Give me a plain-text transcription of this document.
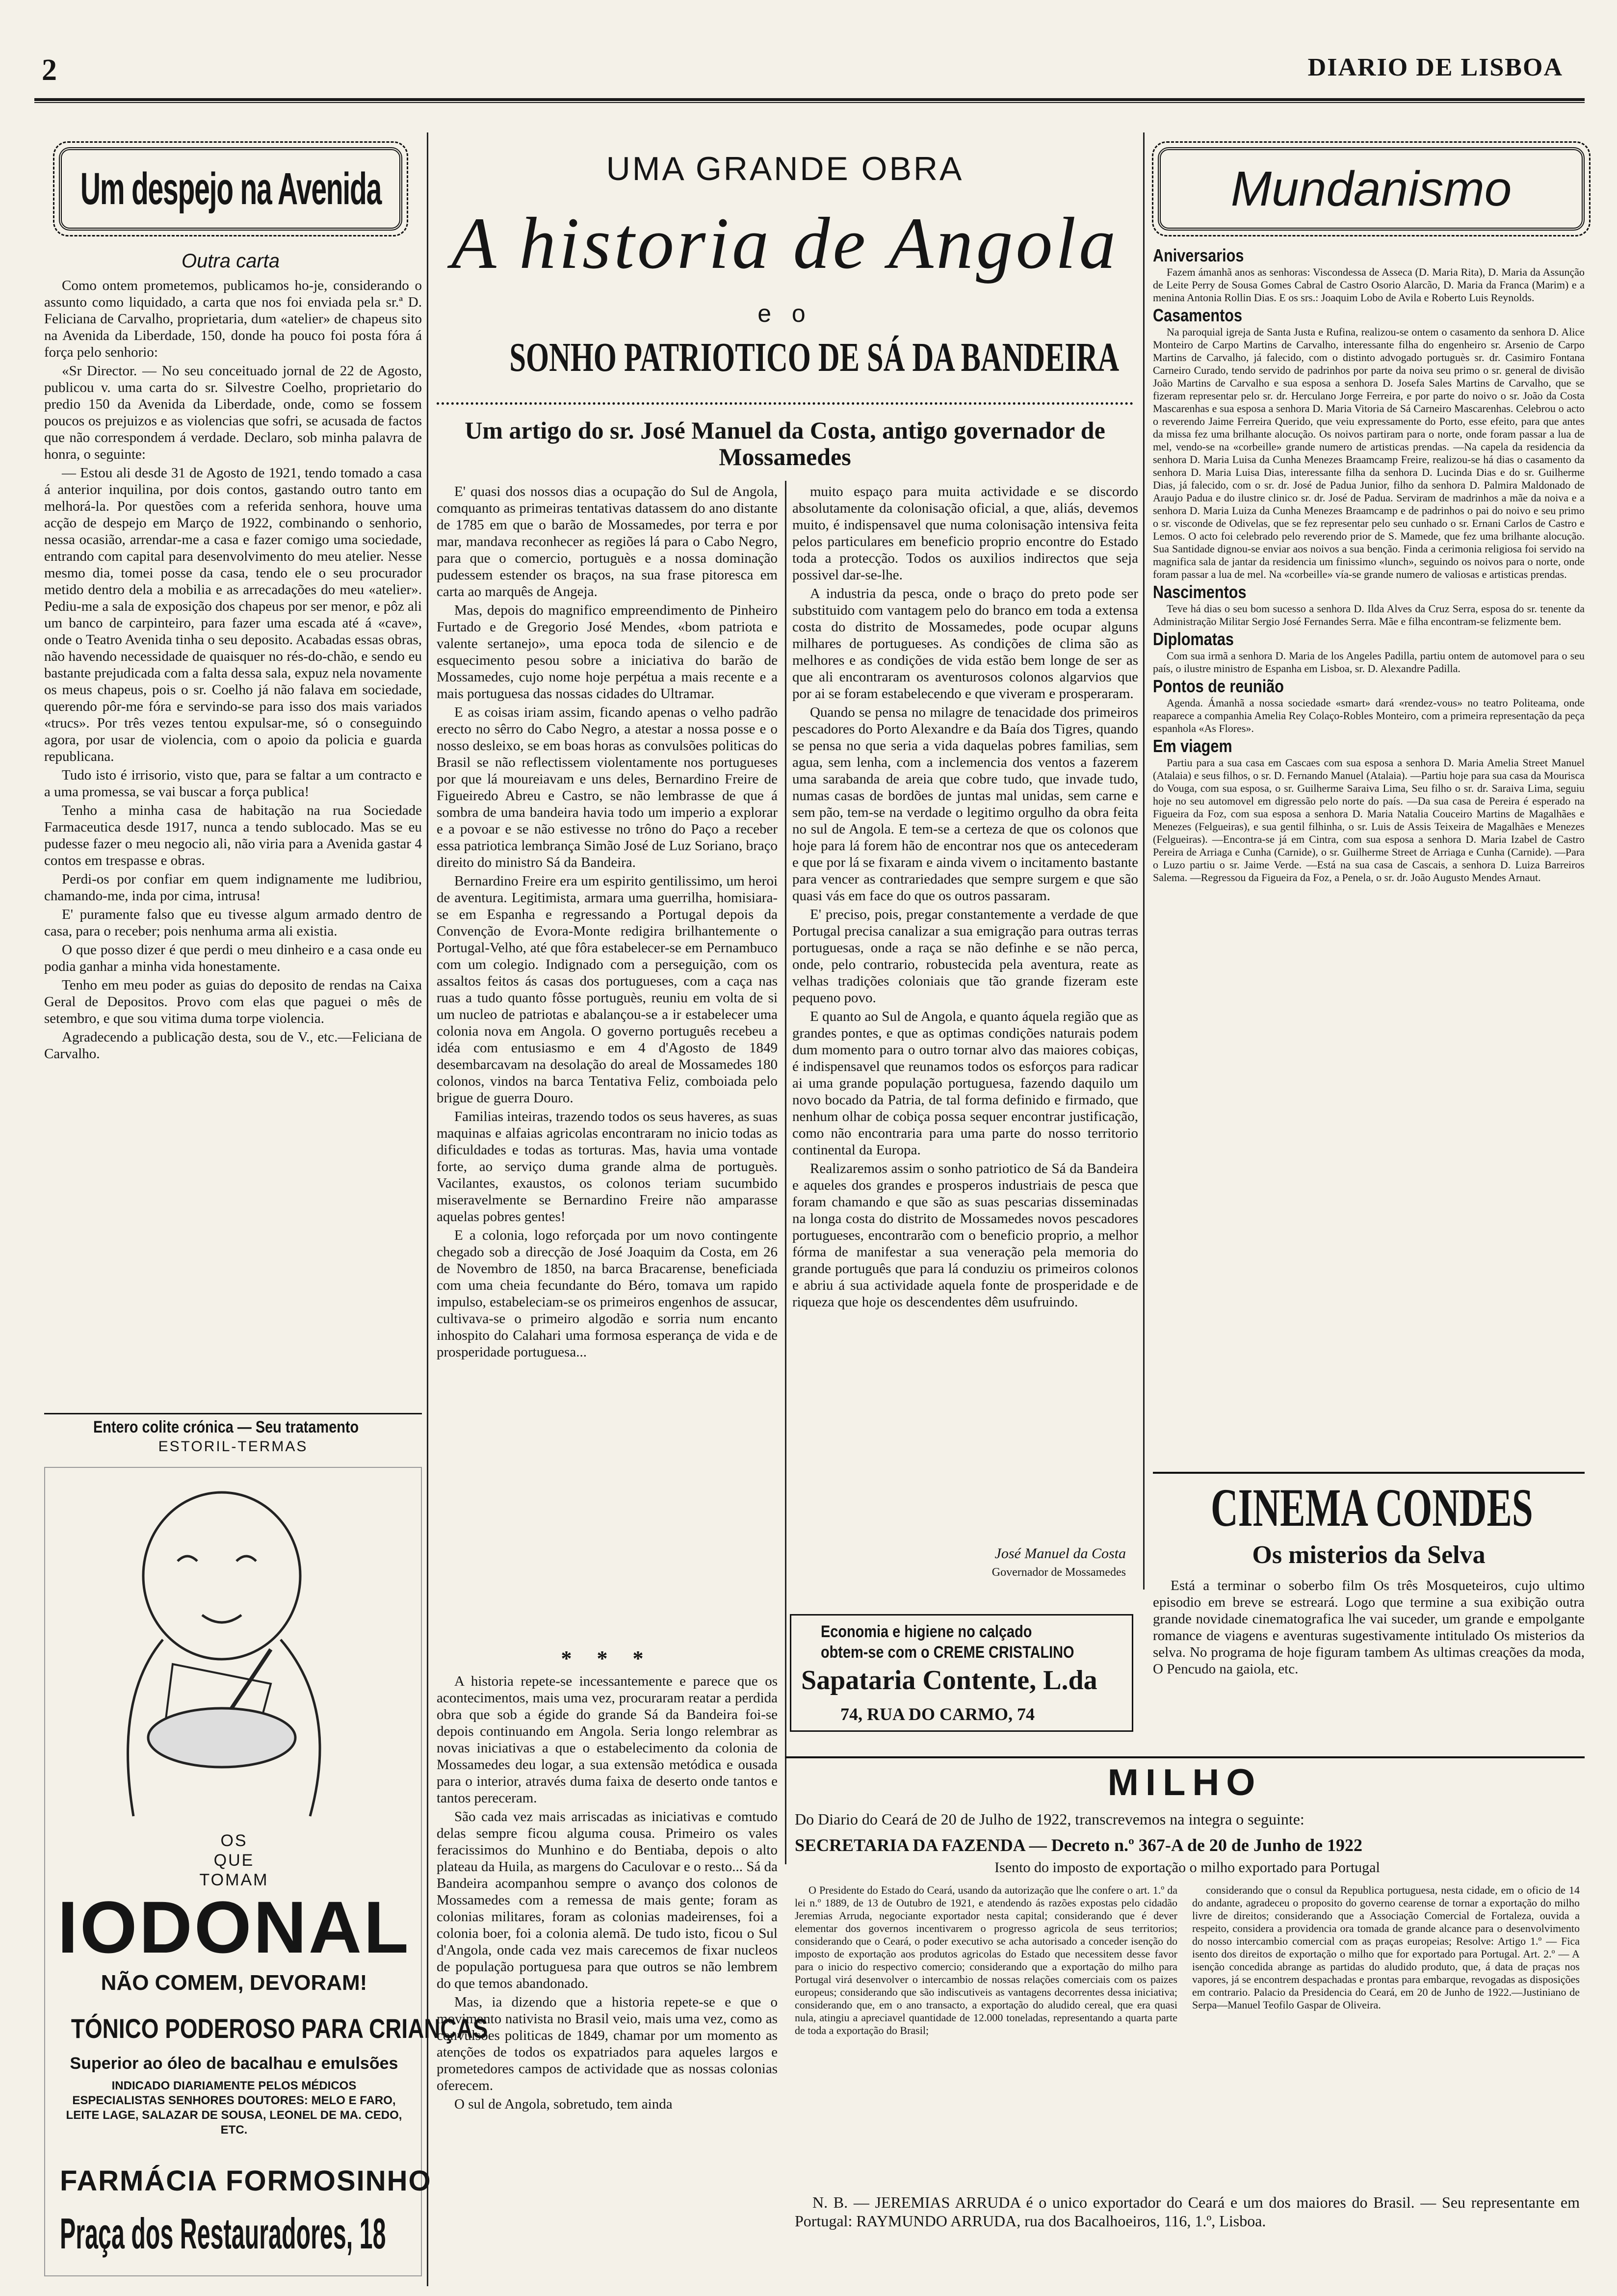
2	DIARIO DE LISBOA
Um despejo na Avenida
Outra carta

Como ontem prometemos, publicamos ho-je, considerando o assunto como liquidado, a carta que nos foi enviada pela sr.ª D. Feliciana de Carvalho, proprietaria, dum «atelier» de chapeus sito na Avenida da Liberdade, 150, donde ha pouco foi posta fóra á força pelo senhorio:

«Sr Director. — No seu conceituado jornal de 22 de Agosto, publicou v. uma carta do sr. Silvestre Coelho, proprietario do predio 150 da Avenida da Liberdade, onde, como se fossem poucos os prejuizos e as violencias que sofri, se acusada de factos que não correspondem á verdade. Declaro, sob minha palavra de honra, o seguinte:

— Estou ali desde 31 de Agosto de 1921, tendo tomado a casa á anterior inquilina, por dois contos, gastando outro tanto em melhorá-la. Por questões com a referida senhora, houve uma acção de despejo em Março de 1922, combinando o senhorio, nessa ocasião, arrendar-me a casa e fazer comigo uma sociedade, entrando com capital para desenvolvimento do meu atelier. Nesse mesmo dia, tomei posse da casa, tendo ele o seu procurador metido dentro dela a mobilia e as arrecadações do meu «atelier». Pediu-me a sala de exposição dos chapeus por ser menor, e pôz ali um banco de carpinteiro, para fazer uma escada até á «cave», onde o Teatro Avenida tinha o seu deposito. Acabadas essas obras, não havendo necessidade de quaisquer no rés-do-chão, e sendo eu bastante prejudicada com a falta dessa sala, expuz nela novamente os meus chapeus, pois o sr. Coelho já não falava em sociedade, querendo pôr-me fóra e servindo-se para isso dos mais variados «trucs». Por três vezes tentou expulsar-me, só o conseguindo agora, por usar de violencia, com o apoio da policia e guarda republicana.

Tudo isto é irrisorio, visto que, para se faltar a um contracto e a uma promessa, se vai buscar a força publica!

Tenho a minha casa de habitação na rua Sociedade Farmaceutica desde 1917, nunca a tendo sublocado. Mas se eu pudesse fazer o meu negocio ali, não viria para a Avenida gastar 4 contos em trespasse e obras.

Perdi-os por confiar em quem indignamente me ludibriou, chamando-me, inda por cima, intrusa!

E' puramente falso que eu tivesse algum armado dentro de casa, para o receber; pois nenhuma arma ali existia.

O que posso dizer é que perdi o meu dinheiro e a casa onde eu podia ganhar a minha vida honestamente.

Tenho em meu poder as guias do deposito de rendas na Caixa Geral de Depositos. Provo com elas que paguei o mês de setembro, e que sou vitima duma torpe violencia.

Agradecendo a publicação desta, sou de V., etc.—Feliciana de Carvalho.

Entero colite crónica — Seu tratamento
ESTORIL-TERMAS
OS
QUE
TOMAM
IODONAL
NÃO COMEM, DEVORAM!
TÓNICO PODEROSO PARA CRIANÇAS
Superior ao óleo de bacalhau e emulsões
INDICADO DIARIAMENTE PELOS MÉDICOS ESPECIALISTAS SENHORES DOUTORES: MELO E FARO, LEITE LAGE, SALAZAR DE SOUSA, LEONEL DE MA. CEDO, ETC.
FARMÁCIA FORMOSINHO
Praça dos Restauradores, 18
UMA GRANDE OBRA
A historia de Angola
e o
SONHO PATRIOTICO DE SÁ DA BANDEIRA
Um artigo do sr. José Manuel da Costa, antigo governador de Mossamedes

E' quasi dos nossos dias a ocupação do Sul de Angola, comquanto as primeiras tentativas datassem do ano distante de 1785 em que o barão de Mossamedes, por terra e por mar, mandava reconhecer as regiões lá para o Cabo Negro, para que o comercio, portuguès e a nossa dominação pudessem estender os braços, na sua frase pitoresca em carta ao marquês de Angeja.

Mas, depois do magnifico empreendimento de Pinheiro Furtado e de Gregorio José Mendes, «bom patriota e valente sertanejo», uma epoca toda de silencio e de esquecimento pesou sobre a iniciativa do barão de Mossamedes, cujo nome hoje perpétua a mais recente e a mais portuguesa das nossas cidades do Ultramar.

E as coisas iriam assim, ficando apenas o velho padrão erecto no sêrro do Cabo Negro, a atestar a nossa posse e o nosso desleixo, se em boas horas as convulsões politicas do Brasil se não reflectissem violentamente nos portugueses por que lá moureiavam e uns deles, Bernardino Freire de Figueiredo Abreu e Castro, se não lembrasse de que á sombra de uma bandeira havia todo um imperio a explorar e a povoar e se não estivesse no trôno do Paço a receber essa patriotica lembrança Simão José de Luz Soriano, braço direito do ministro Sá da Bandeira.

Bernardino Freire era um espirito gentilissimo, um heroi de aventura. Legitimista, armara uma guerrilha, homisiara-se em Espanha e regressando a Portugal depois da Convenção de Evora-Monte redigira brilhantemente o Portugal-Velho, até que fôra estabelecer-se em Pernambuco com um colegio. Indignado com a perseguição, com os assaltos feitos ás casas dos portugueses, com a caça nas ruas a tudo quanto fôsse portuguès, reuniu em volta de si um nucleo de patriotas e abalançou-se a ir estabelecer uma colonia nova em Angola. O governo português recebeu a idéa com entusiasmo e em 4 d'Agosto de 1849 desembarcavam na desolação do areal de Mossamedes 180 colonos, vindos na barca Tentativa Feliz, comboiada pelo brigue de guerra Douro.

Familias inteiras, trazendo todos os seus haveres, as suas maquinas e alfaias agricolas encontraram no inicio todas as dificuldades e todas as torturas. Mas, havia uma vontade forte, ao serviço duma grande alma de portuguès. Vacilantes, exaustos, os colonos teriam sucumbido miseravelmente se Bernardino Freire não amparasse aquelas pobres gentes!

E a colonia, logo reforçada por um novo contingente chegado sob a direcção de José Joaquim da Costa, em 26 de Novembro de 1850, na barca Bracarense, beneficiada com uma cheia fecundante do Béro, tomava um rapido impulso, estabeleciam-se os primeiros engenhos de assucar, cultivava-se o primeiro algodão e sorria num encanto inhospito do Calahari uma formosa esperança de vida e de prosperidade portuguesa...

* * *

A historia repete-se incessantemente e parece que os acontecimentos, mais uma vez, procuraram reatar a perdida obra que sob a égide do grande Sá da Bandeira foi-se depois continuando em Angola. Seria longo relembrar as novas iniciativas a que o estabelecimento da colonia de Mossamedes deu logar, a sua extensão metódica e ousada para o interior, através duma faixa de deserto onde tantos e tantos pereceram.

São cada vez mais arriscadas as iniciativas e comtudo delas sempre ficou alguma cousa. Primeiro os vales feracissimos do Munhino e do Bentiaba, depois o alto plateau da Huila, as margens do Caculovar e o resto... Sá da Bandeira acompanhou sempre o avanço dos colonos de Mossamedes com a remessa de mais gente; foram as colonias militares, foram as colonias madeirenses, foi a colonia boer, foi a colonia alemã. De tudo isto, ficou o Sul d'Angola, onde cada vez mais carecemos de fixar nucleos de população portuguesa para que outros se não lembrem do que temos abandonado.

Mas, ia dizendo que a historia repete-se e que o movimento nativista no Brasil veio, mais uma vez, como as convulsões politicas de 1849, chamar por um momento as atenções de todos os expatriados para aqueles largos e prometedores campos de actividade que as nossas colonias oferecem.

O sul de Angola, sobretudo, tem ainda

muito espaço para muita actividade e se discordo absolutamente da colonisação oficial, a que, aliás, devemos muito, é indispensavel que numa colonisação intensiva feita pelos particulares em beneficio proprio encontre do Estado toda a protecção. Todos os auxilios indirectos que seja possivel dar-se-lhe.

A industria da pesca, onde o braço do preto pode ser substituido com vantagem pelo do branco em toda a extensa costa do distrito de Mossamedes, pode ocupar alguns milhares de portugueses. As condições de clima são as melhores e as condições de vida estão bem longe de ser as que ali encontraram os aventurosos colonos algarvios que por ai se foram estabelecendo e que viveram e prosperaram.

Quando se pensa no milagre de tenacidade dos primeiros pescadores do Porto Alexandre e da Baía dos Tigres, quando se pensa no que seria a vida daquelas pobres familias, sem agua, sem lenha, com a inclemencia dos ventos a fazerem uma sarabanda de areia que cobre tudo, que invade tudo, numas casas de bordões de juntas mal unidas, sem carne e sem pão, tem-se na verdade o legitimo orgulho da obra feita no sul de Angola. E tem-se a certeza de que os colonos que hoje para lá forem hão de encontrar nos que os antecederam e que por lá se fixaram e ainda vivem o incitamento bastante para vencer as contrariedades que sempre surgem e que são quasi vás em face do que os outros passaram.

E' preciso, pois, pregar constantemente a verdade de que Portugal precisa canalizar a sua emigração para outras terras portuguesas, onde a raça se não definhe e se não perca, onde, pelo contrario, robustecida pela aventura, reate as velhas tradições coloniais que tão grande fizeram este pequeno povo.

E quanto ao Sul de Angola, e quanto áquela região que as grandes pontes, e que as optimas condições naturais podem dum momento para o outro tornar alvo das maiores cobiças, é indispensavel que reunamos todos os esforços para radicar ai uma grande população portuguesa, fazendo daquilo um novo bocado da Patria, de tal forma definido e firmado, que nenhum olhar de cobiça possa sequer encontrar justificação, como não encontraria para uma parte do nosso territorio continental da Europa.

Realizaremos assim o sonho patriotico de Sá da Bandeira e aqueles dos grandes e prosperos industriais de pesca que foram chamando e que são as suas pescarias disseminadas na longa costa do distrito de Mossamedes novos pescadores portugueses, encontrarão com o beneficio proprio, a melhor fórma de manifestar a sua veneração pela memoria do grande português que para lá conduziu os primeiros colonos e abriu á sua actividade aquela fonte de prosperidade e de riqueza que hoje os descendentes dêm usufruindo.

José Manuel da Costa
Governador de Mossamedes
Economia e higiene no calçado
obtem-se com o CREME CRISTALINO
Sapataria Contente, L.da
74, RUA DO CARMO, 74
Mundanismo
Aniversarios

Fazem ámanhã anos as senhoras: Viscondessa de Asseca (D. Maria Rita), D. Maria da Assunção de Leite Perry de Sousa Gomes Cabral de Castro Osorio Alarcão, D. Maria da Franca (Marim) e a menina Antonia Rollin Dias. E os srs.: Joaquim Lobo de Avila e Roberto Luis Reynolds.

Casamentos

Na paroquial igreja de Santa Justa e Rufina, realizou-se ontem o casamento da senhora D. Alice Monteiro de Carpo Martins de Carvalho, interessante filha do engenheiro sr. Arsenio de Carpo Martins de Carvalho, já falecido, com o distinto advogado portuguès sr. dr. Casimiro Fontana Carneiro Curado, tendo servido de padrinhos por parte da noiva seu primo o sr. general de divisão João Martins de Carvalho e sua esposa a senhora D. Josefa Sales Martins de Carvalho, que se fizeram representar pelo sr. dr. Herculano Jorge Ferreira, e por parte do noivo o sr. João da Costa Mascarenhas e sua esposa a senhora D. Maria Vitoria de Sá Carneiro Mascarenhas. Celebrou o acto o reverendo Jaime Ferreira Querido, que veiu expressamente do Porto, esse efeito, para que antes da missa fez uma brilhante alocução. Os noivos partiram para o norte, onde foram passar a lua de mel, vendo-se na «corbeille» grande numero de artisticas prendas. —Na capela da residencia da senhora D. Maria Luisa da Cunha Menezes Braamcamp Freire, realizou-se há dias o casamento da senhora D. Maria Luisa Dias, interessante filha da senhora D. Lucinda Dias e do sr. Guilherme Dias, já falecido, com o sr. dr. José de Padua Junior, filho da senhora D. Palmira Maldonado de Araujo Padua e do ilustre clinico sr. dr. José de Padua. Serviram de madrinhos a mãe da noiva e a senhora D. Maria Luiza da Cunha Menezes Braamcamp e de padrinhos o pai do noivo e seu primo o sr. visconde de Odivelas, que se fez representar pelo seu cunhado o sr. Ernani Carlos de Castro e Lemos. O acto foi celebrado pelo reverendo prior de S. Mamede, que fez uma brilhante alocução. Sua Santidade dignou-se enviar aos noivos a sua benção. Finda a cerimonia religiosa foi servido na magnifica sala de jantar da residencia um finissimo «lunch», seguindo os noivos para o norte, onde foram passar a lua de mel. Na «corbeille» vía-se grande numero de valiosas e artisticas prendas.

Nascimentos

Teve há dias o seu bom sucesso a senhora D. Ilda Alves da Cruz Serra, esposa do sr. tenente da Administração Militar Sergio José Fernandes Serra. Mãe e filha encontram-se felizmente bem.

Diplomatas

Com sua irmã a senhora D. Maria de los Angeles Padilla, partiu ontem de automovel para o seu país, o ilustre ministro de Espanha em Lisboa, sr. D. Alexandre Padilla.

Pontos de reunião

Agenda. Ámanhã a nossa sociedade «smart» dará «rendez-vous» no teatro Politeama, onde reaparece a companhia Amelia Rey Colaço-Robles Monteiro, com a primeira representação da peça espanhola «As Flores».

Em viagem

Partiu para a sua casa em Cascaes com sua esposa a senhora D. Maria Amelia Street Manuel (Atalaia) e seus filhos, o sr. D. Fernando Manuel (Atalaia). —Partiu hoje para sua casa da Mourisca do Vouga, com sua esposa, o sr. Guilherme Saraiva Lima, Seu filho o sr. dr. Saraiva Lima, seguiu hoje no seu automovel em digressão pelo norte do país. —Da sua casa de Pereira é esperado na Figueira da Foz, com sua esposa a senhora D. Maria Natalia Couceiro Martins de Magalhães e Menezes (Felgueiras), e sua gentil filhinha, o sr. Luis de Assis Teixeira de Magalhães e Menezes (Felgueiras). —Encontra-se já em Cintra, com sua esposa a senhora D. Maria Izabel de Castro Pereira de Arriaga e Cunha (Carnide), o sr. Guilherme Street de Arriaga e Cunha (Carnide). —Para o Luzo partiu o sr. Jaime Verde. —Está na sua casa de Cascais, a senhora D. Luiza Barreiros Salema. —Regressou da Figueira da Foz, a Penela, o sr. dr. João Augusto Mendes Arnaut.

CINEMA CONDES
Os misterios da Selva

Está a terminar o soberbo film Os três Mosqueteiros, cujo ultimo episodio em breve se estreará. Logo que termine a sua exibição outra grande novidade cinematografica lhe vai suceder, um grande e empolgante romance de viagens e aventuras sugestivamente intitulado Os misterios da selva. No programa de hoje figuram tambem As ultimas creações da moda, O Pencudo na gaiola, etc.

MILHO
Do Diario do Ceará de 20 de Julho de 1922, transcrevemos na integra o seguinte:
SECRETARIA DA FAZENDA — Decreto n.º 367-A de 20 de Junho de 1922
Isento do imposto de exportação o milho exportado para Portugal

O Presidente do Estado do Ceará, usando da autorização que lhe confere o art. 1.º da lei n.º 1889, de 13 de Outubro de 1921, e atendendo ás razões expostas pelo cidadão Jeremias Arruda, negociante exportador nesta capital; considerando que é dever elementar dos governos incentivarem o progresso agricola de seus territorios; considerando que o Ceará, o poder executivo se acha autorisado a conceder isenção do imposto de exportação aos produtos agricolas do Estado que necessitem desse favor para o inicio do respectivo comercio; considerando que a exportação do milho para Portugal virá desenvolver o intercambio de nossas relações comerciais com os paizes europeus; considerando que são indiscutiveis as vantagens decorrentes dessa iniciativa; considerando que, em o ano transacto, a exportação do aludido cereal, que era quasi nula, atingiu a apreciavel quantidade de 12.000 toneladas, representando a quarta parte de toda a exportação do Brasil;

considerando que o consul da Republica portuguesa, nesta cidade, em o oficio de 14 do andante, agradeceu o proposito do governo cearense de tornar a exportação do milho livre de direitos; considerando que a Associação Comercial de Fortaleza, ouvida a respeito, considera a providencia ora tomada de grande alcance para o desenvolvimento do nosso intercambio comercial com as praças europeias; Resolve: Artigo 1.º — Fica isento dos direitos de exportação o milho que for exportado para Portugal. Art. 2.º — A isenção concedida abrange as partidas do aludido produto, que, á data de praças nos vapores, já se encontrem despachadas e prontas para embarque, revogadas as disposições em contrario. Palacio da Presidencia do Ceará, em 20 de Junho de 1922.—Justiniano de Serpa—Manuel Teofilo Gaspar de Oliveira.

N. B. — JEREMIAS ARRUDA é o unico exportador do Ceará e um dos maiores do Brasil. — Seu representante em Portugal: RAYMUNDO ARRUDA, rua dos Bacalhoeiros, 116, 1.º, Lisboa.
